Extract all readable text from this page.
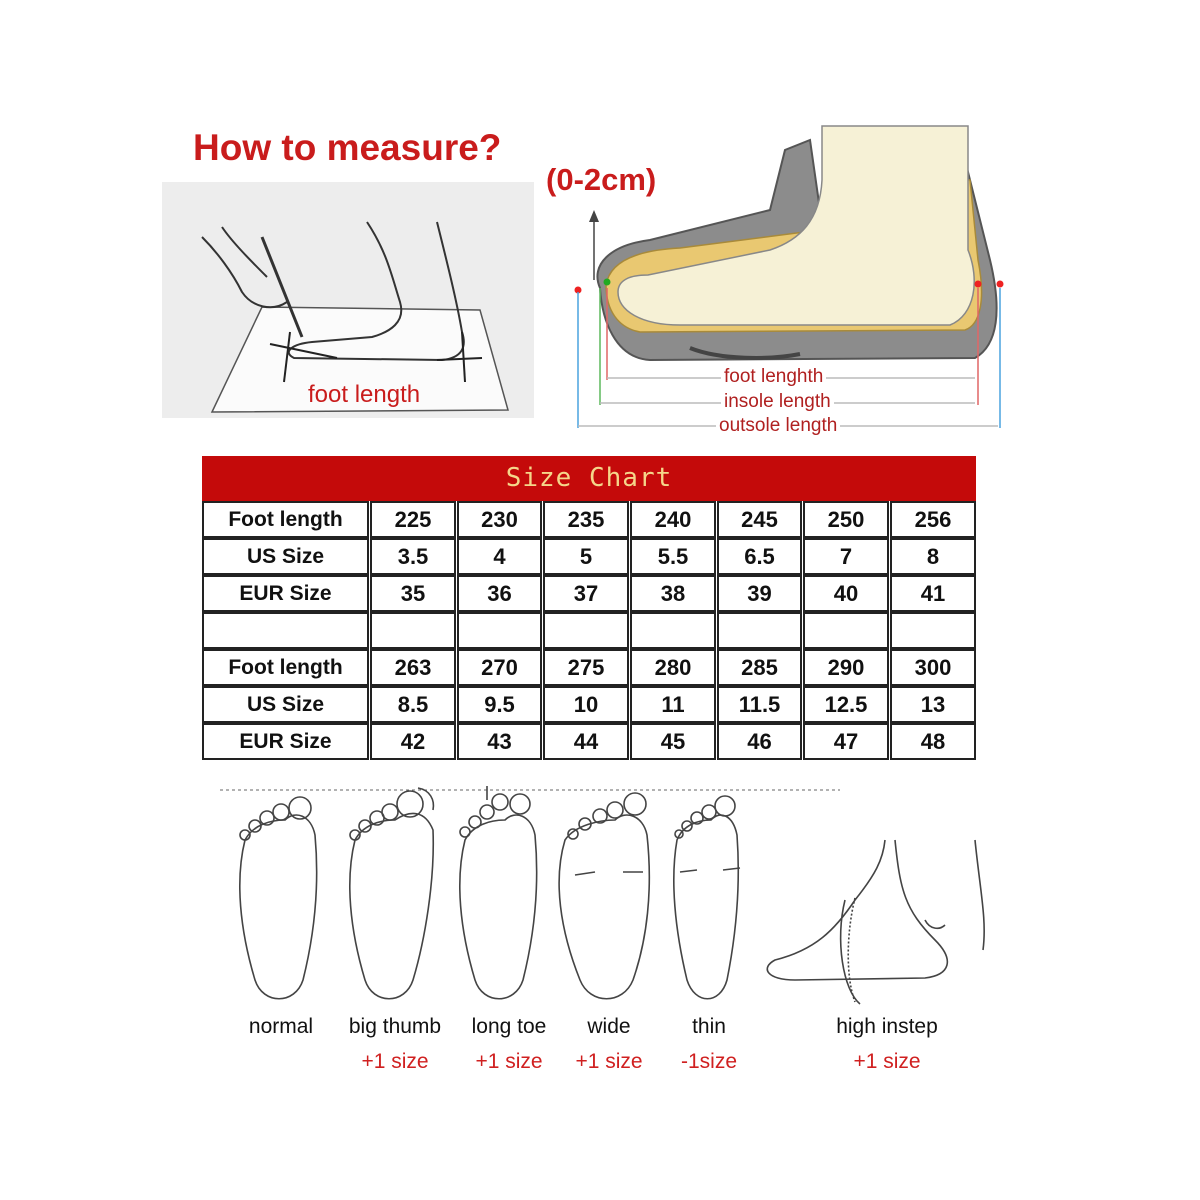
How to measure?
(0-2cm)
foot length
foot lenghth
insole length
outsole length
Size Chart
Foot length	225	230	235	240	245	250	256
US Size	3.5	4	5	5.5	6.5	7	8
EUR Size	35	36	37	38	39	40	41
Foot length	263	270	275	280	285	290	300
US Size	8.5	9.5	10	11	11.5	12.5	13
EUR Size	42	43	44	45	46	47	48
normal	big thumb
+1 size
long toe
+1 size
wide
+1 size
thin
-1size
high instep
+1 size
